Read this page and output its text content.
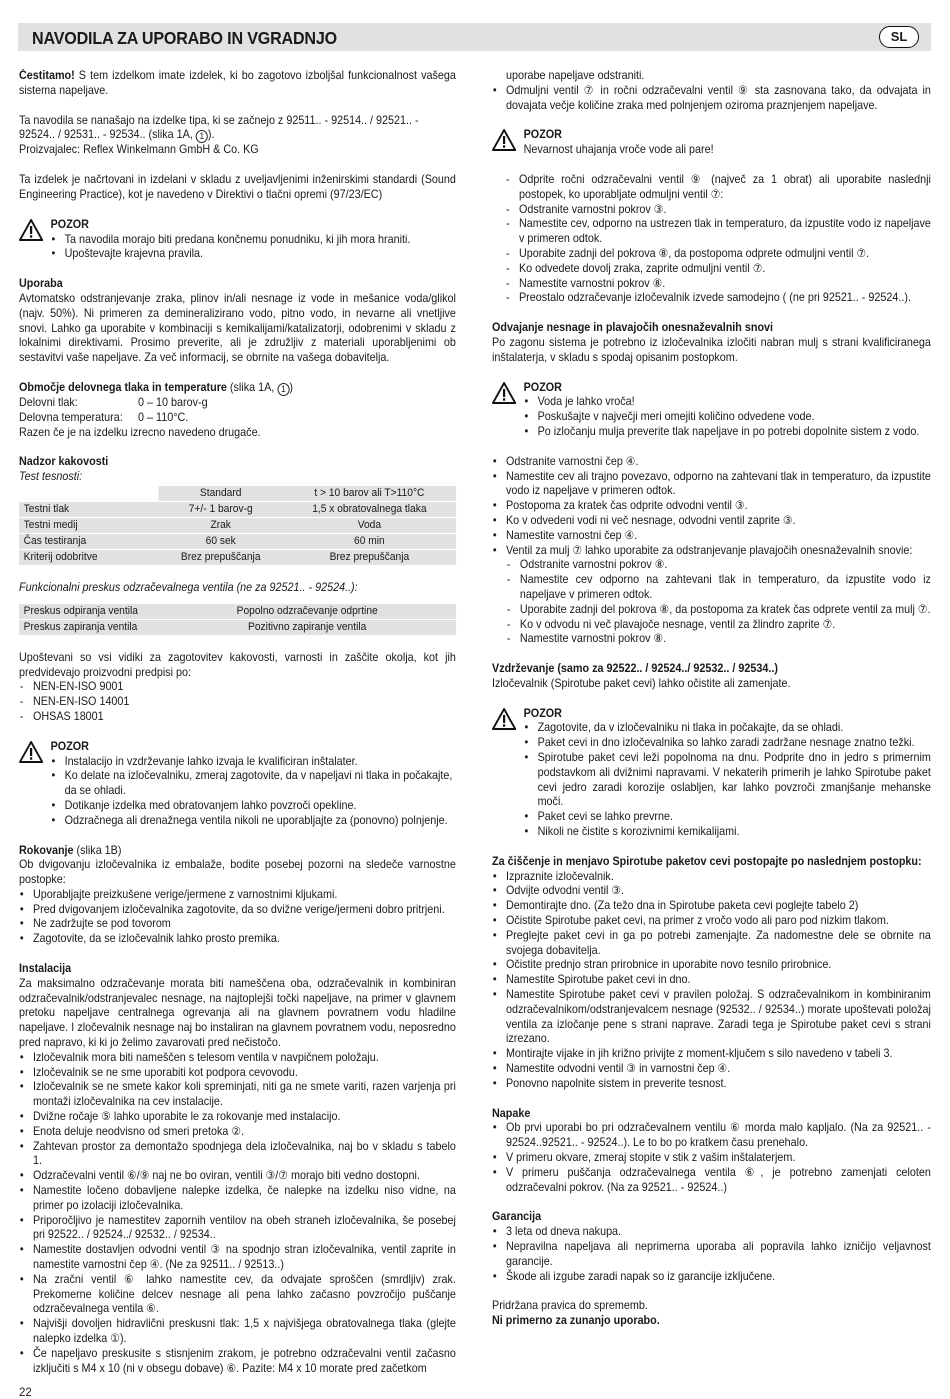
NAVODILA ZA UPORABO IN VGRADNJO	SL

Čestitamo! S tem izdelkom imate izdelek, ki bo zagotovo izboljšal funkcionalnost vašega sistema napeljave.

Ta navodila se nanašajo na izdelke tipa, ki se začnejo z 92511.. - 92514.. / 92521.. - 92524.. / 92531.. - 92534.. (slika 1A, 1 ).

Proizvajalec: Reflex Winkelmann GmbH & Co. KG

Ta izdelek je načrtovani in izdelani v skladu z uveljavljenimi inženirskimi standardi (Sound Engineering Practice), kot je navedeno v Direktivi o tlačni opremi (97/23/EC)

POZOR

• Ta navodila morajo biti predana končnemu ponudniku, ki jih mora hraniti.
• Upoštevajte krajevna pravila.

Uporaba

Avtomatsko odstranjevanje zraka, plinov in/ali nesnage iz vode in mešanice voda/glikol (najv. 50%). Ni primeren za demineralizirano vodo, pitno vodo, in nevarne ali vnetljive snovi. Lahko ga uporabite v kombinaciji s kemikalijami/katalizatorji, odobrenimi v skladu z lokalnimi direktivami. Prosimo preverite, ali je združljiv z materiali uporabljenimi ob sestavitvi vaše napeljave. Za več informacij, se obrnite na vašega dobavitelja.

Območje delovnega tlaka in temperature (slika 1A, 1 )

Delovni tlak:	0 – 10 barov-g

Delovna temperatura: 0 – 110°C.

Razen če je na izdelku izrecno navedeno drugače.

Nadzor kakovosti

Test tesnosti:

	Standard	t > 10 barov ali T>110°C
Testni tlak	7+/- 1 barov-g	1,5 x obratovalnega tlaka
Testni medij	Zrak	Voda
Čas testiranja	60 sek	60 min
Kriterij odobritve	Brez prepuščanja	Brez prepuščanja

Funkcionalni preskus odzračevalnega ventila (ne za 92521.. - 92524..):

Preskus odpiranja ventila	Popolno odzračevanje odprtine
Preskus zapiranja ventila	Pozitivno zapiranje ventila

Upoštevani so vsi vidiki za zagotovitev kakovosti, varnosti in zaščite okolja, kot jih predvidevajo proizvodni predpisi po:

- NEN-EN-ISO 9001
- NEN-EN-ISO 14001
- OHSAS 18001

POZOR

• Instalacijo in vzdrževanje lahko izvaja le kvalificiran inštalater.
• Ko delate na izločevalniku, zmeraj zagotovite, da v napeljavi ni tlaka in počakajte, da se ohladi.
• Dotikanje izdelka med obratovanjem lahko povzroči opekline.
• Odzračnega ali drenažnega ventila nikoli ne uporabljajte za (ponovno) polnjenje.

Rokovanje (slika 1B)

Ob dvigovanju izločevalnika iz embalaže, bodite posebej pozorni na sledeče varnostne postopke:

• Uporabljajte preizkušene verige/jermene z varnostnimi kljukami.
• Pred dvigovanjem izločevalnika zagotovite, da so dvižne verige/jermeni dobro pritrjeni.
• Ne zadržujte se pod tovorom
• Zagotovite, da se izločevalnik lahko prosto premika.

Instalacija

Za maksimalno odzračevanje morata biti nameščena oba, odzračevalnik in kombiniran odzračevalnik/odstranjevalec nesnage, na najtoplejši točki napeljave, na primer v glavnem pretoku napeljave centralnega ogrevanja ali na glavnem povratnem vodu hladilne napeljave. I zločevalnik nesnage naj bo instaliran na glavnem povratnem vodu, neposredno pred napravo, ki ki jo želimo zavarovati pred nečistočo.

• Izločevalnik mora biti nameščen s telesom ventila v navpičnem položaju.
• Izločevalnik se ne sme uporabiti kot podpora cevovodu.
• Izločevalnik se ne smete kakor koli spreminjati, niti ga ne smete variti, razen varjenja pri montaži izločevalnika na cev instalacije.
• Dvižne ročaje ⑤ lahko uporabite le za rokovanje med instalacijo.
• Enota deluje neodvisno od smeri pretoka ②.
• Zahtevan prostor za demontažo spodnjega dela izločevalnika, naj bo v skladu s tabelo 1.
• Odzračevalni ventil ⑥/⑨ naj ne bo oviran, ventili ③/⑦ morajo biti vedno dostopni.
• Namestite ločeno dobavljene nalepke izdelka, če nalepke na izdelku niso vidne, na primer po izolaciji izločevalnika.
• Priporočljivo je namestitev zapornih ventilov na obeh straneh izločevalnika, še posebej pri 92522.. / 92524../ 92532.. / 92534..
• Namestite dostavljen odvodni ventil ③ na spodnjo stran izločevalnika, ventil zaprite in namestite varnostni čep ④. (Ne za 92511.. / 92513..)
• Na zračni ventil ⑥ lahko namestite cev, da odvajate sproščen (smrdljiv) zrak. Prekomerne količine delcev nesnage ali pena lahko začasno povzročijo puščanje odzračevalnega ventila ⑥.
• Najvišji dovoljen hidravlični preskusni tlak: 1,5 x najvišjega obratovalnega tlaka (glejte nalepko izdelka ①).
• Če napeljavo preskusite s stisnjenim zrakom, je potrebno odzračevalni ventil začasno izključiti s M4 x 10 (ni v obsegu dobave) ⑥. Pazite: M4 x 10 morate pred začetkom

uporabe napeljave odstraniti.

• Odmuljni ventil ⑦ in ročni odzračevalni ventil ⑨ sta zasnovana tako, da odvajata in dovajata večje količine zraka med polnjenjem oziroma praznjenjem napeljave.

POZOR

Nevarnost uhajanja vroče vode ali pare!

- Odprite ročni odzračevalni ventil ⑨ (največ za 1 obrat) ali uporabite naslednji postopek, ko uporabljate odmuljni ventil ⑦:
- Odstranite varnostni pokrov ③.
- Namestite cev, odporno na ustrezen tlak in temperaturo, da izpustite vodo iz napeljave v primeren odtok.
- Uporabite zadnji del pokrova ⑧, da postopoma odprete odmuljni ventil ⑦.
- Ko odvedete dovolj zraka, zaprite odmuljni ventil ⑦.
- Namestite varnostni pokrov ⑧.
- Preostalo odzračevanje izločevalnik izvede samodejno ( (ne pri 92521.. - 92524..).

Odvajanje nesnage in plavajočih onesnaževalnih snovi

Po zagonu sistema je potrebno iz izločevalnika izločiti nabran mulj s strani kvalificiranega inštalaterja, v skladu s spodaj opisanim postopkom.

POZOR

• Voda je lahko vroča!
• Poskušajte v največji meri omejiti količino odvedene vode.
• Po izločanju mulja preverite tlak napeljave in po potrebi dopolnite sistem z vodo.
• Odstranite varnostni čep ④.
• Namestite cev ali trajno povezavo, odporno na zahtevani tlak in temperaturo, da izpustite vodo iz napeljave v primeren odtok.
• Postopoma za kratek čas odprite odvodni ventil ③.
• Ko v odvedeni vodi ni več nesnage, odvodni ventil zaprite ③.
• Namestite varnostni čep ④.
• Ventil za mulj ⑦ lahko uporabite za odstranjevanje plavajočih onesnaževalnih snovie:
- Odstranite varnostni pokrov ⑧.
- Namestite cev odporno na zahtevani tlak in temperaturo, da izpustite vodo iz napeljave v primeren odtok.
- Uporabite zadnji del pokrova ⑧, da postopoma za kratek čas odprete ventil za mulj ⑦.
- Ko v odvodu ni več plavajoče nesnage, ventil za žlindro zaprite ⑦.
- Namestite varnostni pokrov ⑧.

Vzdrževanje (samo za 92522.. / 92524../ 92532.. / 92534..)

Izločevalnik (Spirotube paket cevi) lahko očistite ali zamenjate.

POZOR

• Zagotovite, da v izločevalniku ni tlaka in počakajte, da se ohladi.
• Paket cevi in dno izločevalnika so lahko zaradi zadržane nesnage znatno težki.
• Spirotube paket cevi leži popolnoma na dnu. Podprite dno in jedro s primernim podstavkom ali dvižnimi napravami. V nekaterih primerih je lahko Spirotube paket cevi jedro zaradi korozije oslabljen, kar lahko povzroči zmanjšanje mehanske moči.
• Paket cevi se lahko prevrne.
• Nikoli ne čistite s korozivnimi kemikalijami.

Za čiščenje in menjavo Spirotube paketov cevi postopajte po naslednjem postopku:

• Izpraznite izločevalnik.
• Odvijte odvodni ventil ③.
• Demontirajte dno. (Za težo dna in Spirotube paketa cevi poglejte tabelo 2)
• Očistite Spirotube paket cevi, na primer z vročo vodo ali paro pod nizkim tlakom.
• Preglejte paket cevi in ga po potrebi zamenjajte. Za nadomestne dele se obrnite na svojega dobavitelja.
• Očistite prednjo stran prirobnice in uporabite novo tesnilo prirobnice.
• Namestite Spirotube paket cevi in dno.
• Namestite Spirotube paket cevi v pravilen položaj. S odzračevalnikom in kombiniranim odzračevalnikom/odstranjevalcem nesnage (92532.. / 92534..) morate upoštevati položaj ventila za izločanje pene s strani naprave. Zaradi tega je Spirotube paket cevi s strani izrezano.
• Montirajte vijake in jih križno privijte z moment-ključem s silo navedeno v tabeli 3.
• Namestite odvodni ventil ③ in varnostni čep ④.
• Ponovno napolnite sistem in preverite tesnost.

Napake

• Ob prvi uporabi bo pri odzračevalnem ventilu ⑥ morda malo kapljalo. (Na za 92521.. - 92524..92521.. - 92524..). Le to bo po kratkem času prenehalo.
• V primeru okvare, zmeraj stopite v stik z vašim inštalaterjem.
• V primeru puščanja odzračevalnega ventila ⑥, je potrebno zamenjati celoten odzračevalni pokrov. (Na za 92521.. - 92524..)

Garancija

• 3 leta od dneva nakupa.
• Nepravilna napeljava ali neprimerna uporaba ali popravila lahko izničijo veljavnost garancije.
• Škode ali izgube zaradi napak so iz garancije izključene.

Pridržana pravica do sprememb.

Ni primerno za zunanjo uporabo.

22
